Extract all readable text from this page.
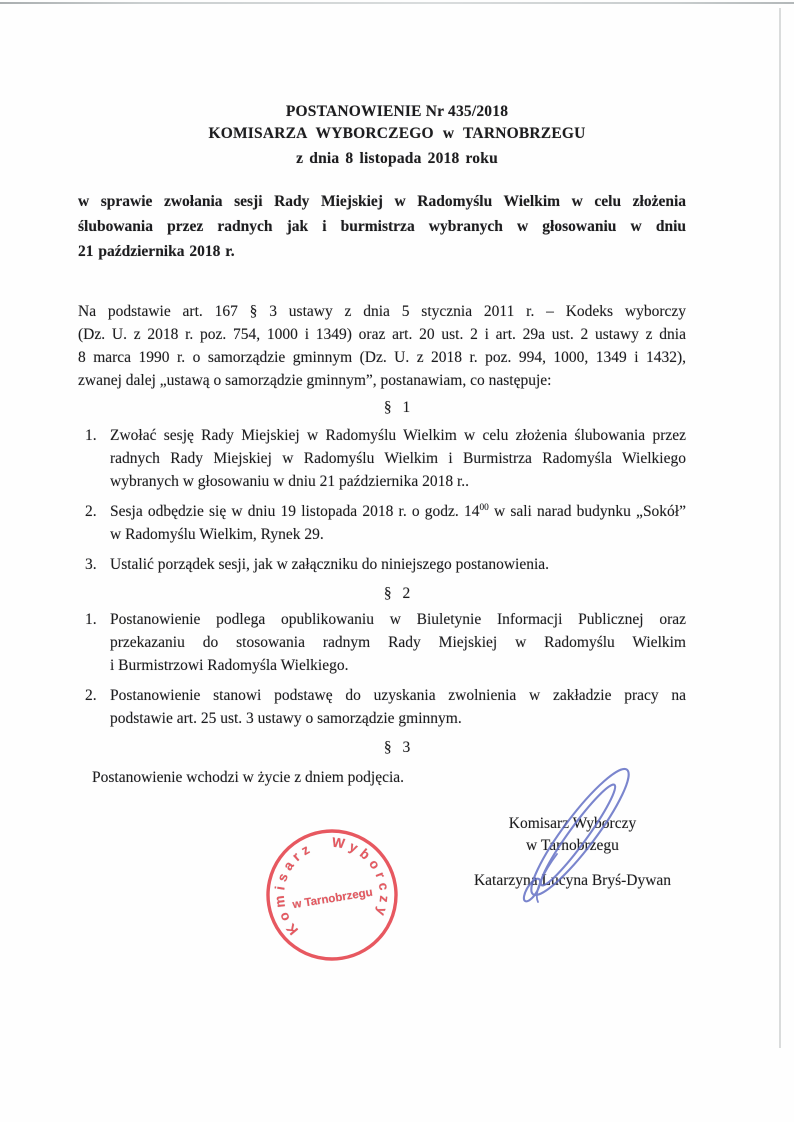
POSTANOWIENIE Nr 435/2018
KOMISARZA WYBORCZEGO w TARNOBRZEGU
z dnia 8 listopada 2018 roku
w sprawie zwołania sesji Rady Miejskiej w Radomyślu Wielkim w celu złożenia
ślubowania przez radnych jak i burmistrza wybranych w głosowaniu w dniu
21 października 2018 r.
Na podstawie art. 167 § 3 ustawy z dnia 5 stycznia 2011 r. – Kodeks wyborczy
(Dz. U. z 2018 r. poz. 754, 1000 i 1349) oraz art. 20 ust. 2 i art. 29a ust. 2 ustawy z dnia
8 marca 1990 r. o samorządzie gminnym (Dz. U. z 2018 r. poz. 994, 1000, 1349 i 1432),
zwanej dalej „ustawą o samorządzie gminnym”, postanawiam, co następuje:
§ 1
1. Zwołać sesję Rady Miejskiej w Radomyślu Wielkim w celu złożenia ślubowania przez
radnych Rady Miejskiej w Radomyślu Wielkim i Burmistrza Radomyśla Wielkiego
wybranych w głosowaniu w dniu 21 października 2018 r..
2. Sesja odbędzie się w dniu 19 listopada 2018 r. o godz. $14^{00}$ w sali narad budynku „Sokół”
w Radomyślu Wielkim, Rynek 29.
3. Ustalić porządek sesji, jak w załączniku do niniejszego postanowienia.
§ 2
1. Postanowienie podlega opublikowaniu w Biuletynie Informacji Publicznej oraz
przekazaniu do stosowania radnym Rady Miejskiej w Radomyślu Wielkim
i Burmistrzowi Radomyśla Wielkiego.
2. Postanowienie stanowi podstawę do uzyskania zwolnienia w zakładzie pracy na
podstawie art. 25 ust. 3 ustawy o samorządzie gminnym.
§ 3
Postanowienie wchodzi w życie z dniem podjęcia.
Komisarz Wyborczy
w Tarnobrzegu
Katarzyna Lucyna Bryś-Dywan
Komisarz Wyborczy
w Tarnobrzegu
